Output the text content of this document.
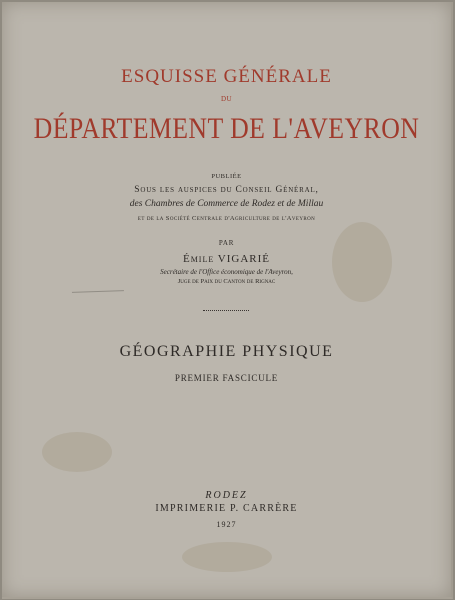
ESQUISSE GÉNÉRALE
DU
DÉPARTEMENT DE L'AVEYRON
PUBLIÉE
Sous les auspices du Conseil Général,
des Chambres de Commerce de Rodez et de Millau
et de la Société Centrale d'Agriculture de l'Aveyron
PAR
Émile VIGARIÉ
Secrétaire de l'Office économique de l'Aveyron,
Juge de Paix du Canton de Rignac
GÉOGRAPHIE PHYSIQUE
PREMIER FASCICULE
RODEZ
IMPRIMERIE P. CARRÈRE
1927
